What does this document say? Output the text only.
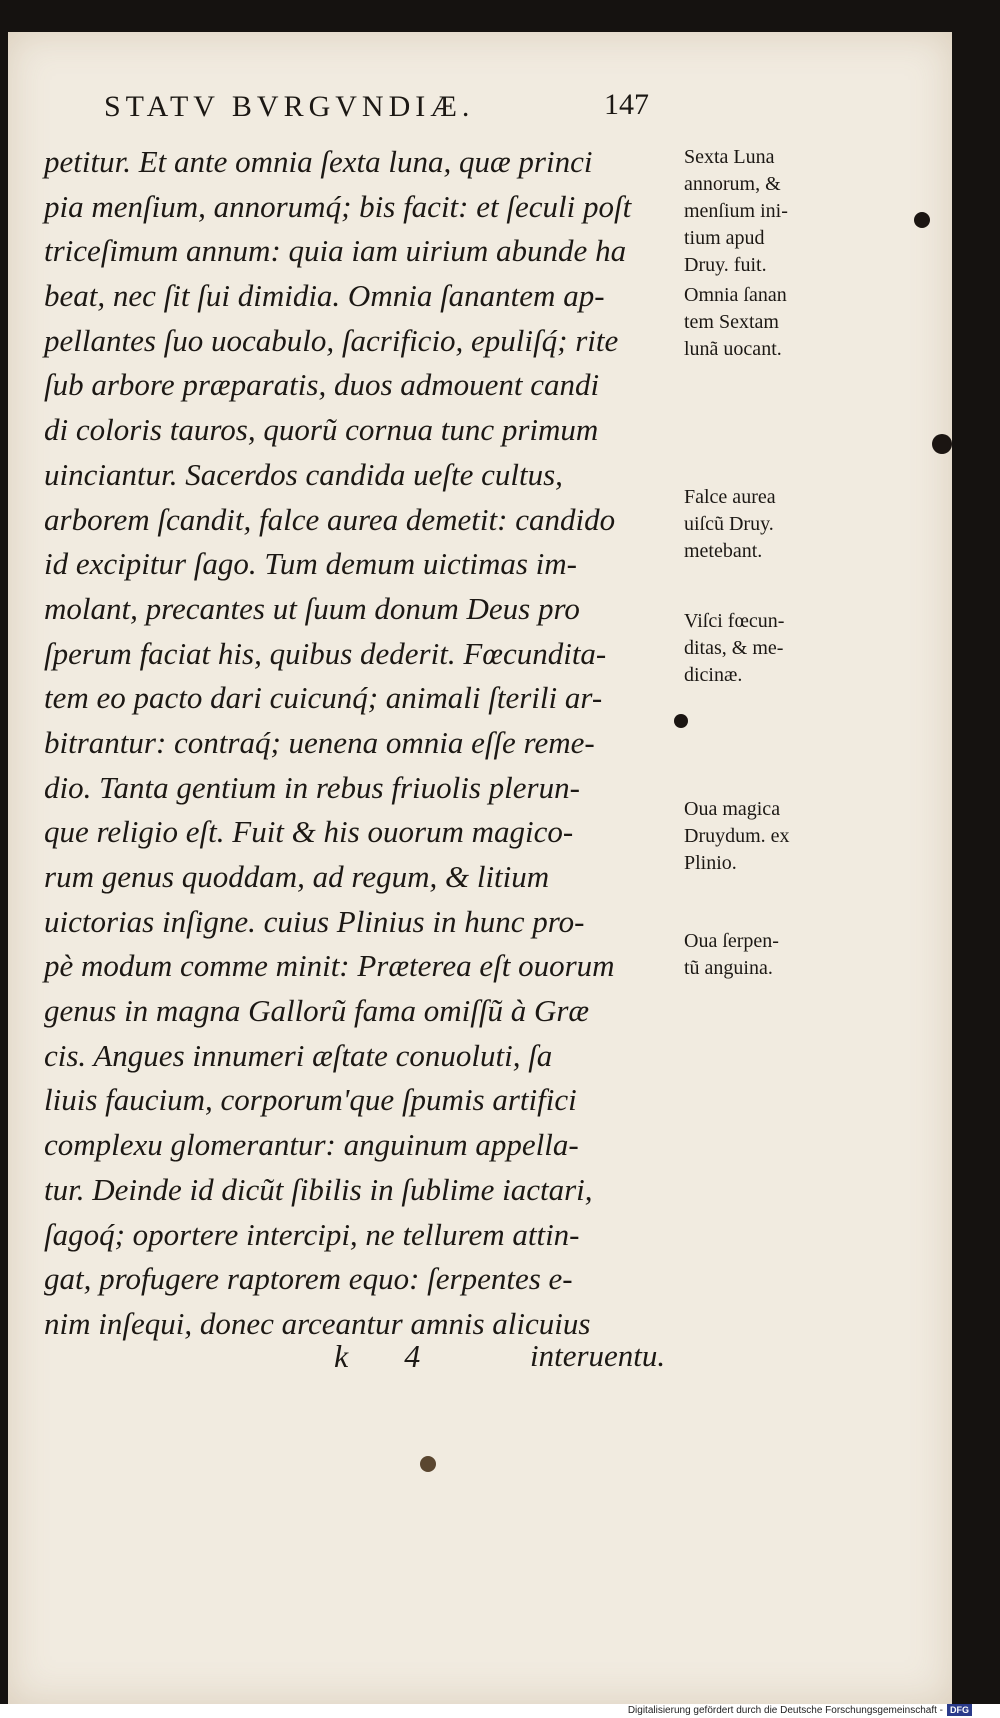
STATV BVRGVNDIÆ.	147
petitur. Et ante omnia ſexta luna, quæ princi
pia menſium, annorumq́; bis facit: et ſeculi poſt
triceſimum annum: quia iam uirium abunde ha
beat, nec ſit ſui dimidia. Omnia ſanantem ap-
pellantes ſuo uocabulo, ſacrificio, epuliſq́; rite
ſub arbore præparatis, duos admouent candi
di coloris tauros, quorũ cornua tunc primum
uinciantur. Sacerdos candida ueſte cultus,
arborem ſcandit, falce aurea demetit: candido
id excipitur ſago. Tum demum uictimas im-
molant, precantes ut ſuum donum Deus pro
ſperum faciat his, quibus dederit. Fœcundita-
tem eo pacto dari cuicunq́; animali ſterili ar-
bitrantur: contraq́; uenena omnia eſſe reme-
dio. Tanta gentium in rebus friuolis plerun-
que religio eſt. Fuit & his ouorum magico-
rum genus quoddam, ad regum, & litium
uictorias inſigne. cuius Plinius in hunc pro-
pè modum comme minit: Præterea eſt ouorum
genus in magna Gallorũ fama omiſſũ à Græ
cis. Angues innumeri æſtate conuoluti, ſa
liuis faucium, corporum'que ſpumis artifici
complexu glomerantur: anguinum appella-
tur. Deinde id dicũt ſibilis in ſublime iactari,
ſagoq́; oportere intercipi, ne tellurem attin-
gat, profugere raptorem equo: ſerpentes e-
nim inſequi, donec arceantur amnis alicuius
Sexta Luna
annorum, &
menſium ini-
tium apud
Druy. fuit.
Omnia ſanan
tem Sextam
lunã uocant.
Falce aurea
uiſcũ Druy.
metebant.
Viſci fœcun-
ditas, & me-
dicinæ.
Oua magica
Druydum. ex
Plinio.
Oua ſerpen-
tũ anguina.
k 4	interuentu.
Digitalisierung gefördert durch die Deutsche Forschungsgemeinschaft - DFG
